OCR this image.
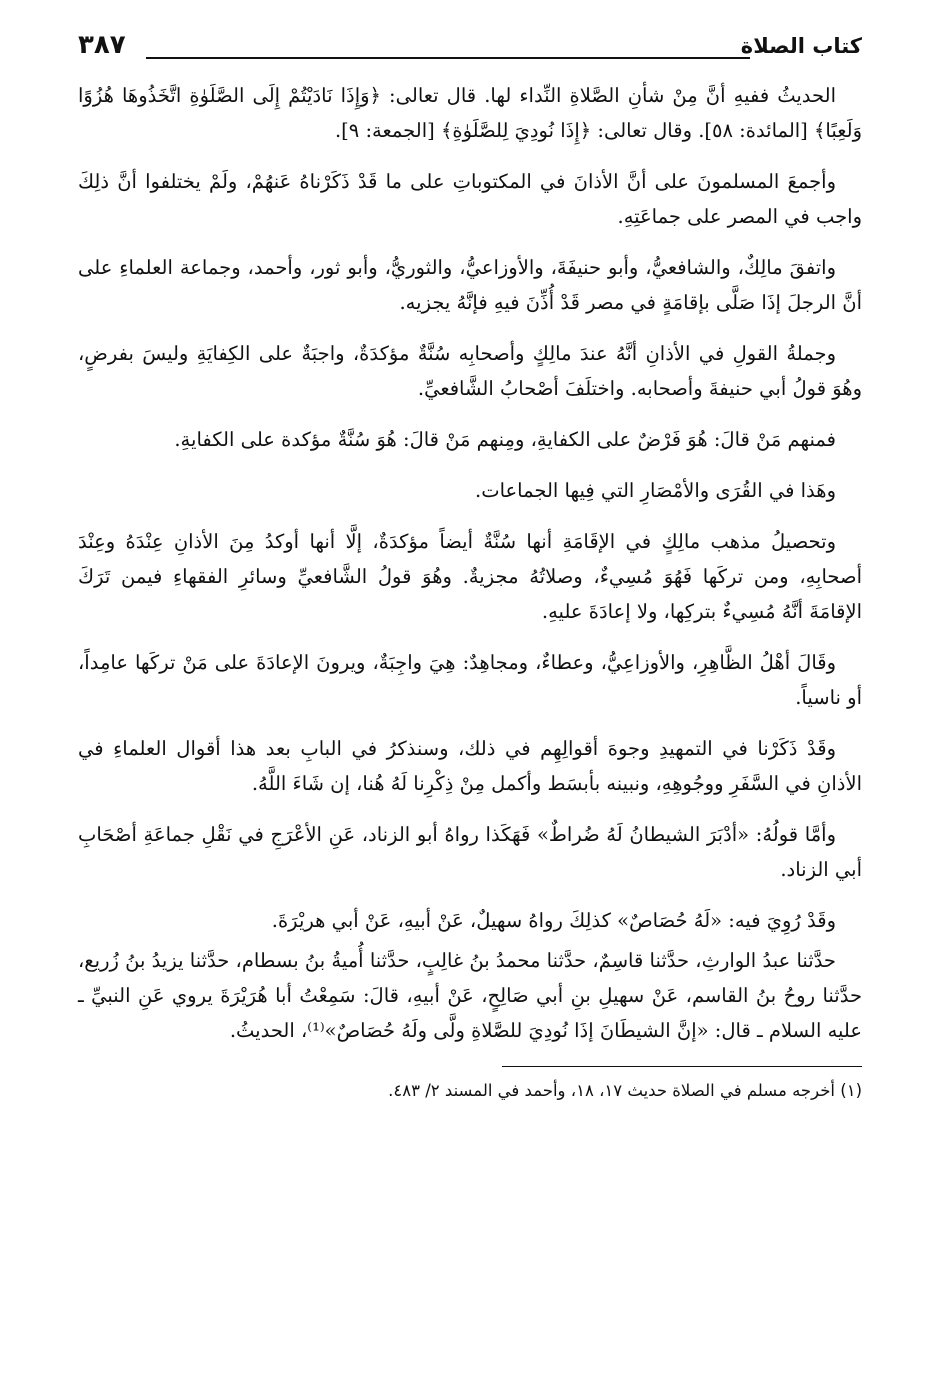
كتاب الصلاة
٣٨٧

الحديثُ ففيهِ أنَّ مِنْ شأنِ الصَّلاةِ النِّداء لها. قال تعالى: ﴿وَإِذَا نَادَيْتُمْ إِلَى الصَّلَوٰةِ اتَّخَذُوهَا هُزُوًا وَلَعِبًا﴾ [المائدة: ٥٨]. وقال تعالى: ﴿إِذَا نُودِيَ لِلصَّلَوٰةِ﴾ [الجمعة: ٩].

وأجمعَ المسلمونَ على أنَّ الأذانَ في المكتوباتِ على ما قَدْ ذَكَرْناهُ عَنهُمْ، ولَمْ يختلفوا أنَّ ذلِكَ واجب في المصر على جماعَتِهِ.

واتفقَ مالِكٌ، والشافعيُّ، وأبو حنيفَةَ، والأوزاعيُّ، والثوريُّ، وأبو ثور، وأحمد، وجماعة العلماءِ على أنَّ الرجلَ إذَا صَلَّى بإقامَةٍ في مصر قَدْ أُذِّنَ فيهِ فإنَّهُ يجزيه.

وجملةُ القولِ في الأذانِ أنَّهُ عندَ مالِكٍ وأصحابِه سُنَّةٌ مؤكدَةٌ، واجبَةٌ على الكِفايَةِ وليسَ بفرضٍ، وهُوَ قولُ أبي حنيفةَ وأصحابه. واختلَفَ أصْحابُ الشَّافعيِّ.

فمنهم مَنْ قالَ: هُوَ فَرْضٌ على الكفايةِ، ومِنهم مَنْ قالَ: هُوَ سُنَّةٌ مؤكدة على الكفايةِ.

وهَذا في القُرَى والأمْصَارِ التي فِيها الجماعات.

وتحصيلُ مذهب مالِكٍ في الإقَامَةِ أنها سُنَّةٌ أيضاً مؤكدَةٌ، إلَّا أنها أوكدُ مِنَ الأذانِ عِنْدَهُ وعِنْدَ أصحابِهِ، ومن تركَها فَهُوَ مُسِيءٌ، وصلاتُهُ مجزيةٌ. وهُوَ قولُ الشَّافعيِّ وسائرِ الفقهاءِ فيمن تَرَكَ الإقامَةَ أنَّهُ مُسِيءٌ بتركِها، ولا إعادَةَ عليهِ.

وقَالَ أهْلُ الظَّاهِرِ، والأوزاعِيُّ، وعطاءٌ، ومجاهِدٌ: هِيَ واجِبَةٌ، ويرونَ الإعادَةَ على مَنْ تركَها عامِداً، أو ناسياً.

وقَدْ ذَكَرْنا في التمهيدِ وجوهَ أقوالِهِم في ذلك، وسنذكرُ في البابِ بعد هذا أقوال العلماءِ في الأذانِ في السَّفَرِ ووجُوهِهِ، ونبينه بأبسَط وأكمل مِنْ ذِكْرِنا لَهُ هُنا، إن شَاءَ اللَّهُ.

وأمَّا قولُهُ: «أدْبَرَ الشيطانُ لَهُ ضُراطٌ» فَهَكَذا رواهُ أبو الزناد، عَنِ الأعْرَجِ في نَقْلِ جماعَةِ أصْحَابِ أبي الزناد.

وقَدْ رُوِيَ فيه: «لَهُ حُصَاصٌ» كذلِكَ رواهُ سهيلٌ، عَنْ أبيهِ، عَنْ أبي هريْرَةَ.

حدَّثنا عبدُ الوارثِ، حدَّثنا قاسِمٌ، حدَّثنا محمدُ بنُ غالِبٍ، حدَّثنا أُميةُ بنُ بسطام، حدَّثنا يزيدُ بنُ زُريع، حدَّثنا روحُ بنُ القاسم، عَنْ سهيلِ بنِ أبي صَالِحٍ، عَنْ أبيهِ، قالَ: سَمِعْتُ أبا هُرَيْرَةَ يروي عَنِ النبيِّ ـ عليه السلام ـ قال: «إنَّ الشيطَانَ إذَا نُودِيَ للصَّلاةِ ولَّى ولَهُ حُصَاصٌ»⁽¹⁾، الحديثُ.

(١) أخرجه مسلم في الصلاة حديث ١٧، ١٨، وأحمد في المسند ٢/ ٤٨٣.
